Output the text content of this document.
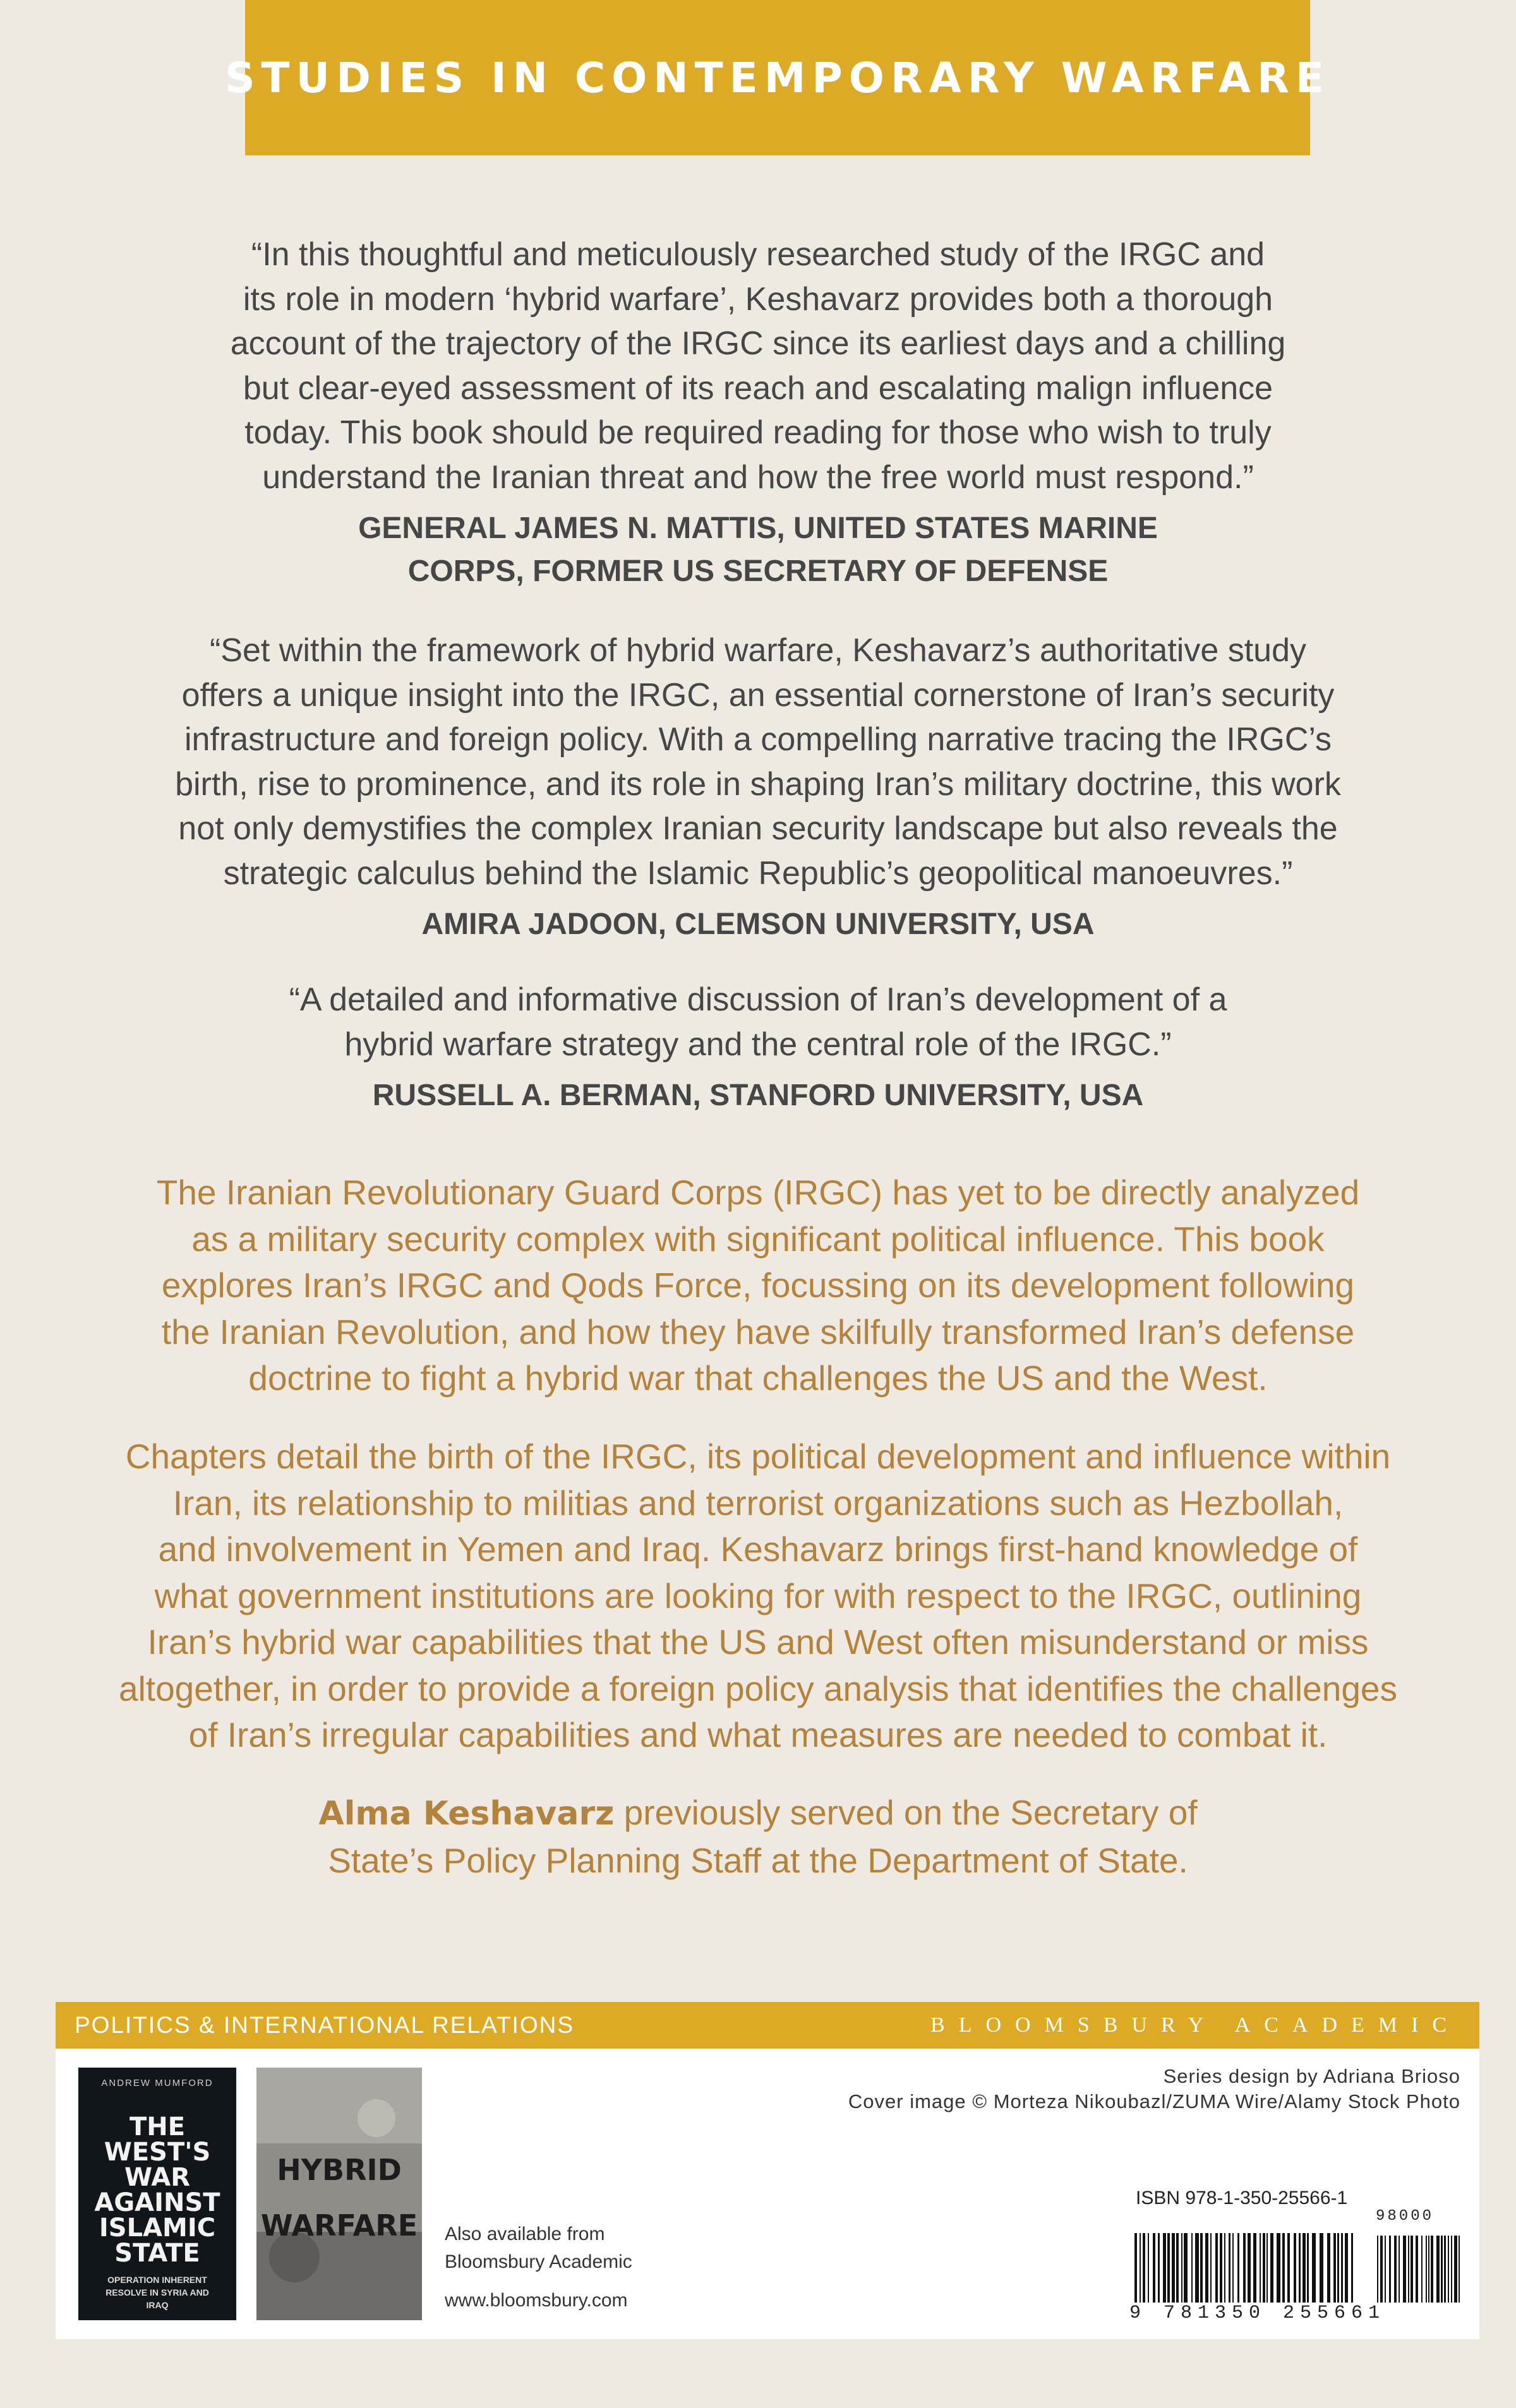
STUDIES IN CONTEMPORARY WARFARE
“In this thoughtful and meticulously researched study of the IRGC and
its role in modern ‘hybrid warfare’, Keshavarz provides both a thorough
account of the trajectory of the IRGC since its earliest days and a chilling
but clear-eyed assessment of its reach and escalating malign influence
today. This book should be required reading for those who wish to truly
understand the Iranian threat and how the free world must respond.”
GENERAL JAMES N. MATTIS, UNITED STATES MARINE
CORPS, FORMER US SECRETARY OF DEFENSE
“Set within the framework of hybrid warfare, Keshavarz’s authoritative study
offers a unique insight into the IRGC, an essential cornerstone of Iran’s security
infrastructure and foreign policy. With a compelling narrative tracing the IRGC’s
birth, rise to prominence, and its role in shaping Iran’s military doctrine, this work
not only demystifies the complex Iranian security landscape but also reveals the
strategic calculus behind the Islamic Republic’s geopolitical manoeuvres.”
AMIRA JADOON, CLEMSON UNIVERSITY, USA
“A detailed and informative discussion of Iran’s development of a
hybrid warfare strategy and the central role of the IRGC.”
RUSSELL A. BERMAN, STANFORD UNIVERSITY, USA
The Iranian Revolutionary Guard Corps (IRGC) has yet to be directly analyzed
as a military security complex with significant political influence. This book
explores Iran’s IRGC and Qods Force, focussing on its development following
the Iranian Revolution, and how they have skilfully transformed Iran’s defense
doctrine to fight a hybrid war that challenges the US and the West.
Chapters detail the birth of the IRGC, its political development and influence within
Iran, its relationship to militias and terrorist organizations such as Hezbollah,
and involvement in Yemen and Iraq. Keshavarz brings first-hand knowledge of
what government institutions are looking for with respect to the IRGC, outlining
Iran’s hybrid war capabilities that the US and West often misunderstand or miss
altogether, in order to provide a foreign policy analysis that identifies the challenges
of Iran’s irregular capabilities and what measures are needed to combat it.
Alma Keshavarz previously served on the Secretary of
State’s Policy Planning Staff at the Department of State.
POLITICS & INTERNATIONAL RELATIONS	BLOOMSBURY ACADEMIC
ANDREW MUMFORD
THE
WEST'S
WAR
AGAINST
ISLAMIC
STATE
OPERATION INHERENT RESOLVE IN SYRIA AND IRAQ
HYBRID
WARFARE Also available from
Bloomsbury Academic
www.bloomsbury.com
Series design by Adriana Brioso
Cover image © Morteza Nikoubazl/ZUMA Wire/Alamy Stock Photo
ISBN 978-1-350-25566-1
9 781350 255661
98000
